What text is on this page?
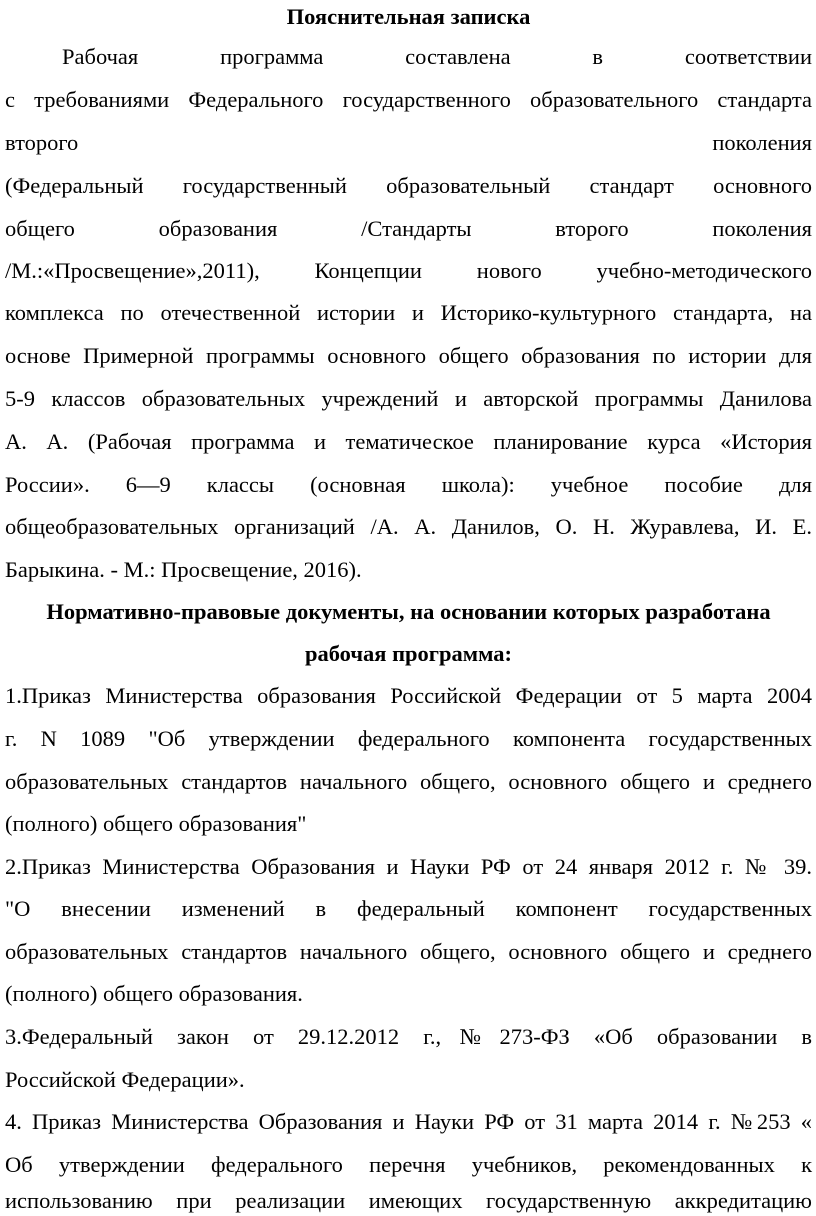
Пояснительная записка
Рабочая программа составлена в соответствии
с требованиями Федерального государственного образовательного стандарта
второго поколения
(Федеральный государственный образовательный стандарт основного
общего образования /Стандарты второго поколения
/М.:«Просвещение»,2011), Концепции нового учебно-методического
комплекса по отечественной истории и Историко-культурного стандарта, на
основе Примерной программы основного общего образования по истории для
5-9 классов образовательных учреждений и авторской программы Данилова
А. А. (Рабочая программа и тематическое планирование курса «История
России». 6—9 классы (основная школа): учебное пособие для
общеобразовательных организаций /А. А. Данилов, О. Н. Журавлева, И. Е.
Барыкина. - М.: Просвещение, 2016).
Нормативно-правовые документы, на основании которых разработана
рабочая программа:
1.Приказ Министерства образования Российской Федерации от 5 марта 2004
г. N 1089 "Об утверждении федерального компонента государственных
образовательных стандартов начального общего, основного общего и среднего
(полного) общего образования"
2.Приказ Министерства Образования и Науки РФ от 24 января 2012 г. № 39.
"О внесении изменений в федеральный компонент государственных
образовательных стандартов начального общего, основного общего и среднего
(полного) общего образования.
3.Федеральный закон от 29.12.2012 г.,№273-ФЗ «Об образовании в
Российской Федерации».
4. Приказ Министерства Образования и Науки РФ от 31 марта 2014 г. №253 «
Об утверждении федерального перечня учебников, рекомендованных к
использованию при реализации имеющих государственную аккредитацию
